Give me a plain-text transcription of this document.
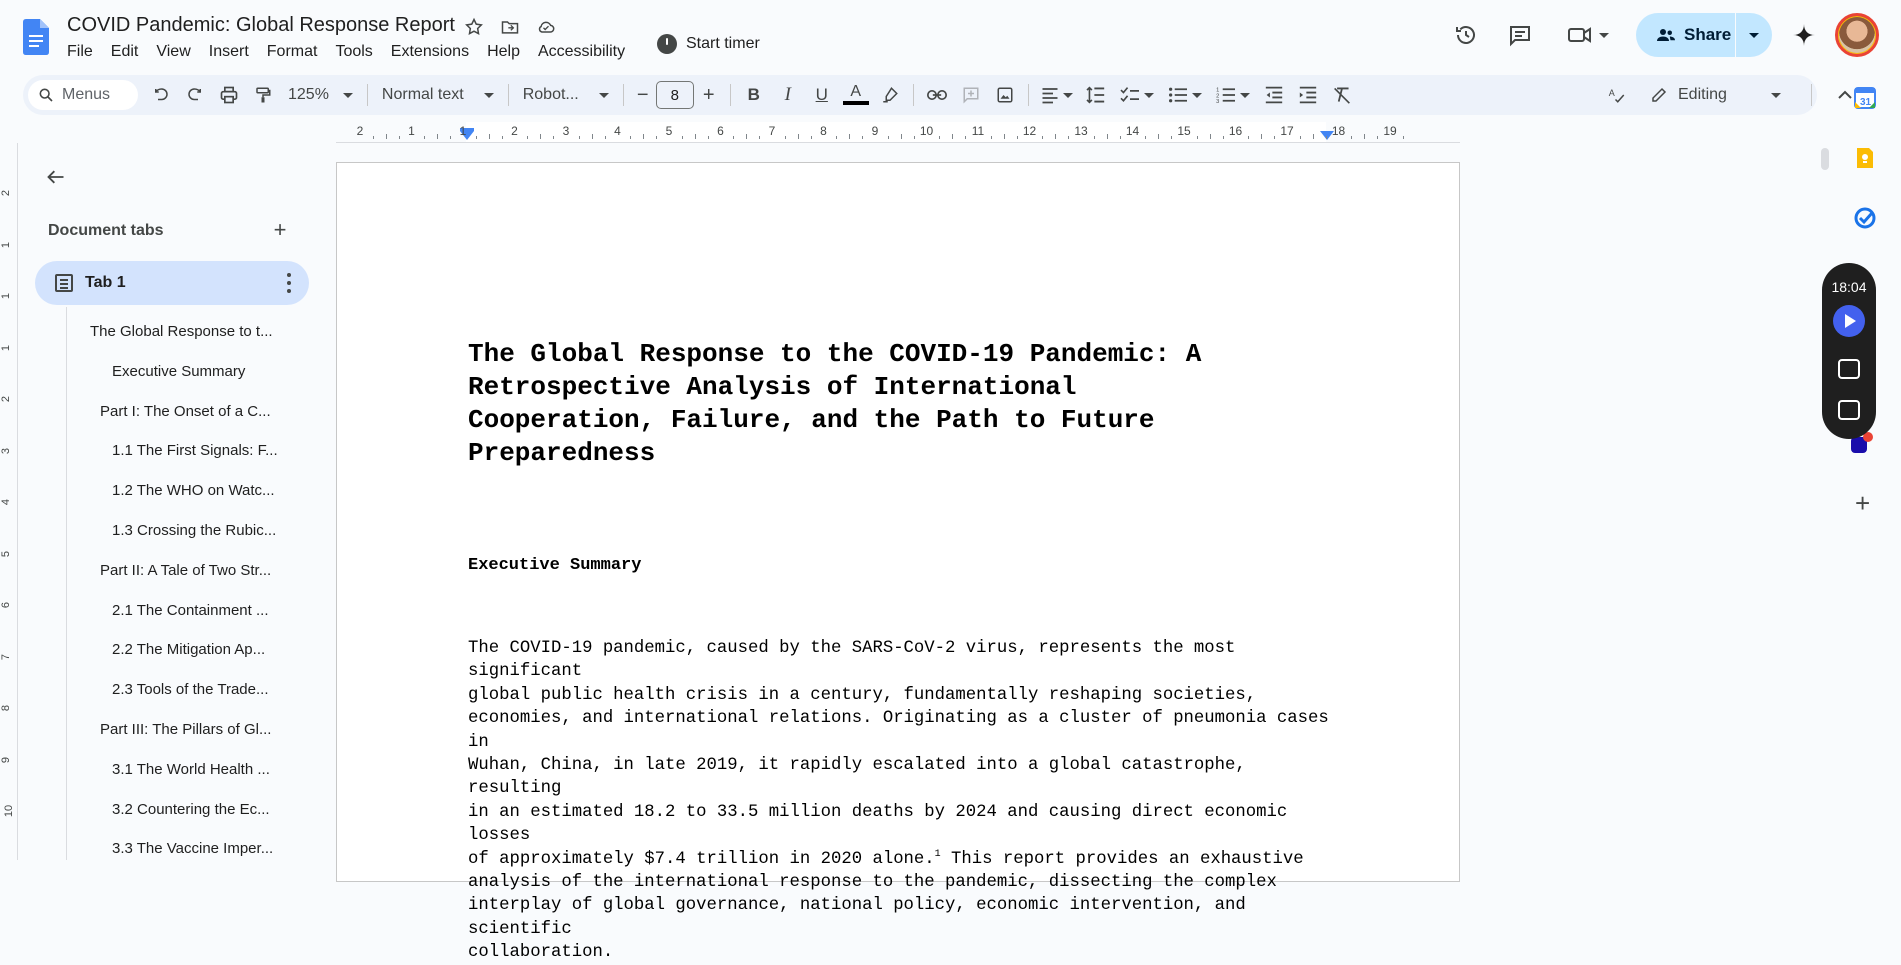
COVID Pandemic: Global Response Report
File	Edit	View	Insert	Format	Tools	Extensions	Help	Accessibility	Start timer	Share
Menus	125%	Normal text	Robot...	−	8	+	B	I	U	A	1
2
3
A	Editing
2	1	1	2	3	4	5	6	7	8	9	10	11	12	13	14	15	16	17	18	19
2
1
1
1
2
3
4
5
6
7
8
9
10
Document tabs	+
Tab 1
The Global Response to t...
Executive Summary
Part I: The Onset of a C...
1.1 The First Signals: F...
1.2 The WHO on Watc...
1.3 Crossing the Rubic...
Part II: A Tale of Two Str...
2.1 The Containment ...
2.2 The Mitigation Ap...
2.3 Tools of the Trade...
Part III: The Pillars of Gl...
3.1 The World Health ...
3.2 Countering the Ec...
3.3 The Vaccine Imper...
The Global Response to the COVID-19 Pandemic: A Retrospective Analysis of International Cooperation, Failure, and the Path to Future Preparedness
Executive Summary
The COVID-19 pandemic, caused by the SARS-CoV-2 virus, represents the most significant
global public health crisis in a century, fundamentally reshaping societies,
economies, and international relations. Originating as a cluster of pneumonia cases in
Wuhan, China, in late 2019, it rapidly escalated into a global catastrophe, resulting
in an estimated 18.2 to 33.5 million deaths by 2024 and causing direct economic losses
of approximately $7.4 trillion in 2020 alone.$^1$ This report provides an exhaustive
analysis of the international response to the pandemic, dissecting the complex
interplay of global governance, national policy, economic intervention, and scientific
collaboration.
31
18:04
+
